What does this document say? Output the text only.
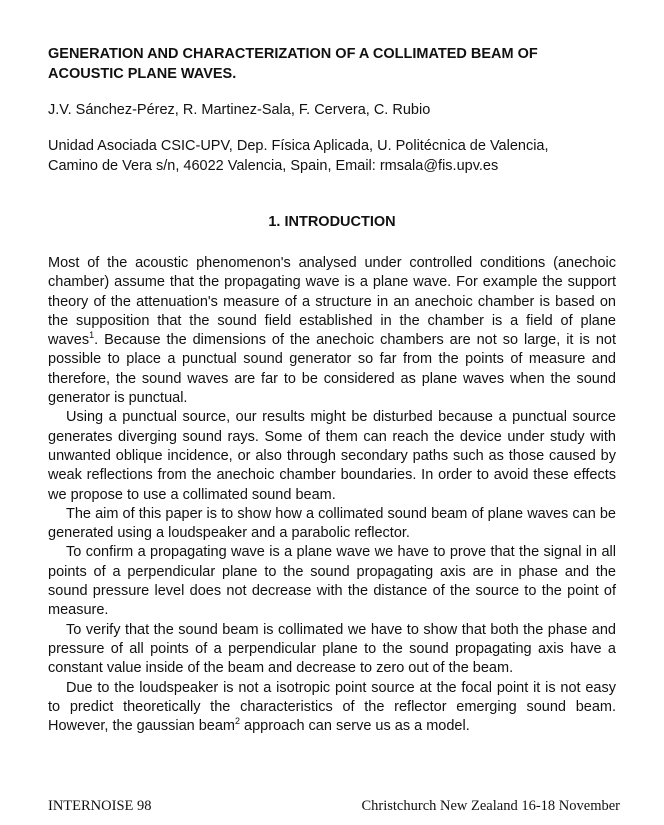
GENERATION AND CHARACTERIZATION OF A COLLIMATED BEAM OF ACOUSTIC PLANE WAVES.
J.V. Sánchez-Pérez, R. Martinez-Sala, F. Cervera, C. Rubio
Unidad Asociada CSIC-UPV, Dep. Física Aplicada, U. Politécnica de Valencia,
Camino de Vera s/n, 46022 Valencia, Spain, Email: rmsala@fis.upv.es
1. INTRODUCTION

Most of the acoustic phenomenon's analysed under controlled conditions (anechoic chamber) assume that the propagating wave is a plane wave. For example the support theory of the attenuation's measure of a structure in an anechoic chamber is based on the supposition that the sound field established in the chamber is a field of plane waves$^1$. Because the dimensions of the anechoic chambers are not so large, it is not possible to place a punctual sound generator so far from the points of measure and therefore, the sound waves are far to be considered as plane waves when the sound generator is punctual.

Using a punctual source, our results might be disturbed because a punctual source generates diverging sound rays. Some of them can reach the device under study with unwanted oblique incidence, or also through secondary paths such as those caused by weak reflections from the anechoic chamber boundaries. In order to avoid these effects we propose to use a collimated sound beam.

The aim of this paper is to show how a collimated sound beam of plane waves can be generated using a loudspeaker and a parabolic reflector.

To confirm a propagating wave is a plane wave we have to prove that the signal in all points of a perpendicular plane to the sound propagating axis are in phase and the sound pressure level does not decrease with the distance of the source to the point of measure.

To verify that the sound beam is collimated we have to show that both the phase and pressure of all points of a perpendicular plane to the sound propagating axis have a constant value inside of the beam and decrease to zero out of the beam.

Due to the loudspeaker is not a isotropic point source at the focal point it is not easy to predict theoretically the characteristics of the reflector emerging sound beam. However, the gaussian beam$^2$ approach can serve us as a model.

INTERNOISE 98	Christchurch New Zealand 16-18 November
